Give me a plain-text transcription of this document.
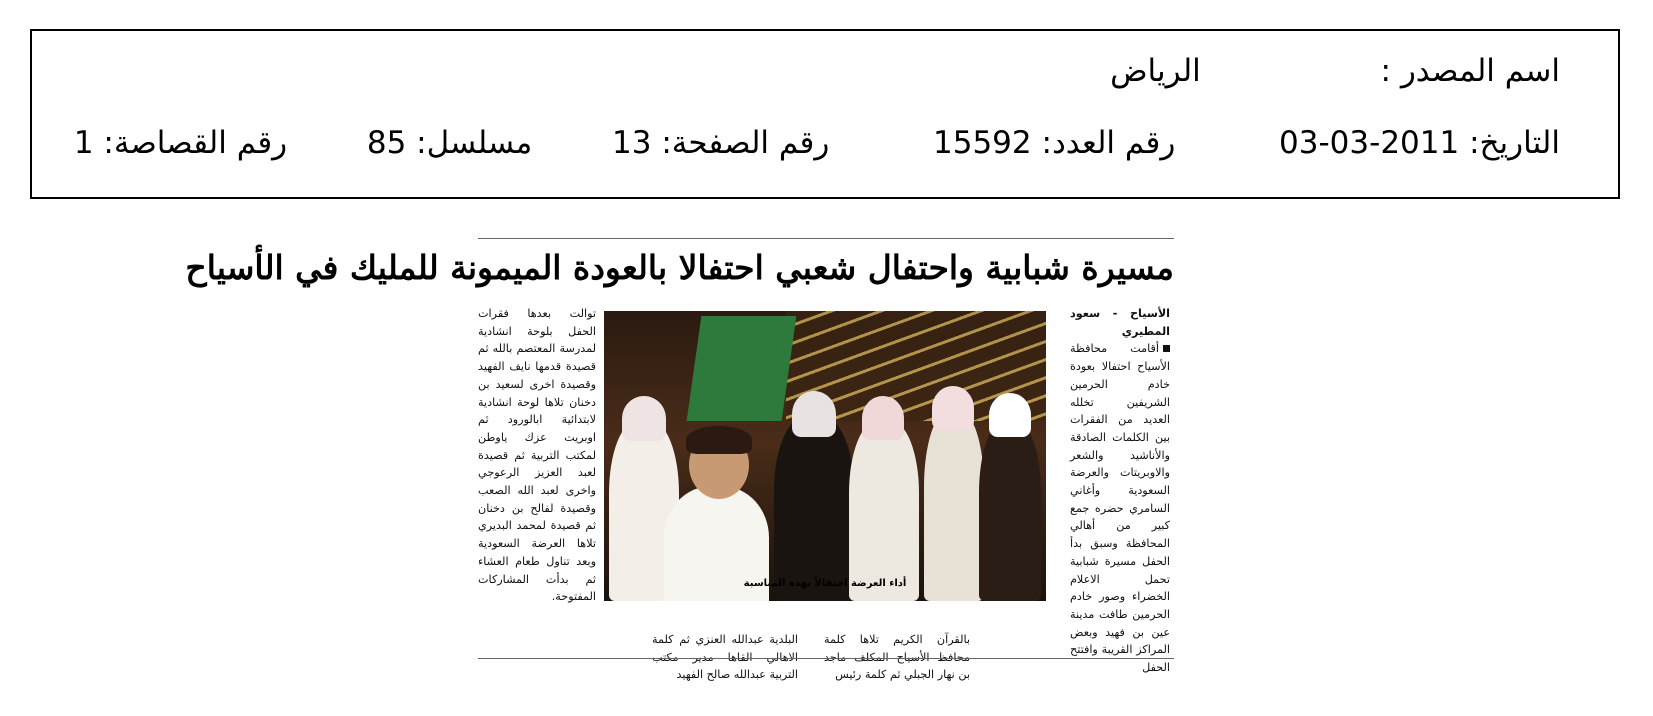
اسم المصدر :  الرياض
التاريخ: 2011-03-03  رقم العدد: 15592  رقم الصفحة: 13  مسلسل: 85  رقم القصاصة: 1
مسيرة شبابية واحتفال شعبي احتفالا بالعودة الميمونة للمليك في الأسياح
الأسياح - سعود المطيري
أقامت محافظة الأسياح احتفالا بعودة خادم الحرمين الشريفين تخلله العديد من الفقرات بين الكلمات الصادقة والأناشيد والشعر والاوبريتات والعرضة السعودية وأغاني السامري حضره جمع كبير من أهالي المحافظة وسبق بدأ الحفل مسيرة شبابية تحمل الاعلام الخضراء وصور خادم الحرمين طافت مدينة عين بن فهيد وبعض المراكز القريبة وافتتح الحفل
توالت بعدها فقرات الحفل بلوحة انشادية لمدرسة المعتصم بالله ثم قصيدة قدمها نايف الفهيد وقصيدة اخرى لسعيد بن دخنان تلاها لوحة انشادية لابتدائية ابالورود ثم اوبريت عزك ياوطن لمكتب التربية ثم قصيدة لعبد العزيز الرعوجي واخرى لعبد الله الصعب وقصيدة لفالح بن دخنان ثم قصيدة لمحمد البديري تلاها العرضة السعودية وبعد تناول طعام العشاء ثم بدأت المشاركات المفتوحة.
أداء العرضة احتفالاً بهذه المناسبة
بالقرآن الكريم تلاها كلمة محافظ الأسياح المكلف ماجد بن نهار الجبلي ثم كلمة رئيس
البلدية عبدالله العنزي ثم كلمة الاهالي القاها مدير مكتب التربية عبدالله صالح الفهيد
